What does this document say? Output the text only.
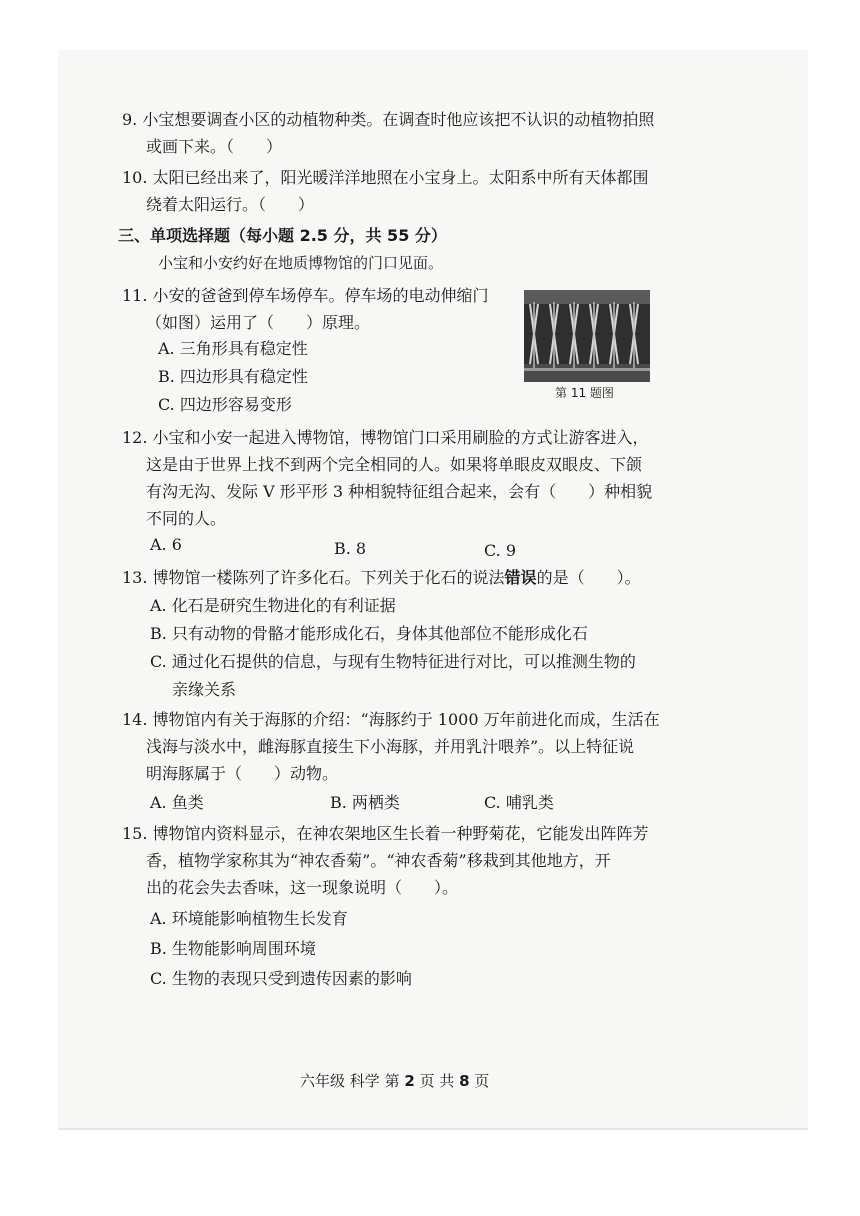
9. 小宝想要调查小区的动植物种类。在调查时他应该把不认识的动植物拍照
或画下来。（　　）
10. 太阳已经出来了，阳光暖洋洋地照在小宝身上。太阳系中所有天体都围
绕着太阳运行。（　　）
三、单项选择题（每小题 2.5 分，共 55 分）
小宝和小安约好在地质博物馆的门口见面。
11. 小安的爸爸到停车场停车。停车场的电动伸缩门
（如图）运用了（　　）原理。
A. 三角形具有稳定性
B. 四边形具有稳定性
C. 四边形容易变形
第 11 题图
12. 小宝和小安一起进入博物馆，博物馆门口采用刷脸的方式让游客进入，
这是由于世界上找不到两个完全相同的人。如果将单眼皮双眼皮、下颌
有沟无沟、发际 V 形平形 3 种相貌特征组合起来，会有（　　）种相貌
不同的人。
A. 6	B. 8	C. 9
13. 博物馆一楼陈列了许多化石。下列关于化石的说法错误的是（　　）。
A. 化石是研究生物进化的有利证据
B. 只有动物的骨骼才能形成化石，身体其他部位不能形成化石
C. 通过化石提供的信息，与现有生物特征进行对比，可以推测生物的
亲缘关系
14. 博物馆内有关于海豚的介绍：“海豚约于 1000 万年前进化而成，生活在
浅海与淡水中，雌海豚直接生下小海豚，并用乳汁喂养”。以上特征说
明海豚属于（　　）动物。
A. 鱼类	B. 两栖类	C. 哺乳类
15. 博物馆内资料显示，在神农架地区生长着一种野菊花，它能发出阵阵芳
香，植物学家称其为“神农香菊”。“神农香菊”移栽到其他地方，开
出的花会失去香味，这一现象说明（　　）。
A. 环境能影响植物生长发育
B. 生物能影响周围环境
C. 生物的表现只受到遗传因素的影响
六年级 科学 第 2 页 共 8 页
